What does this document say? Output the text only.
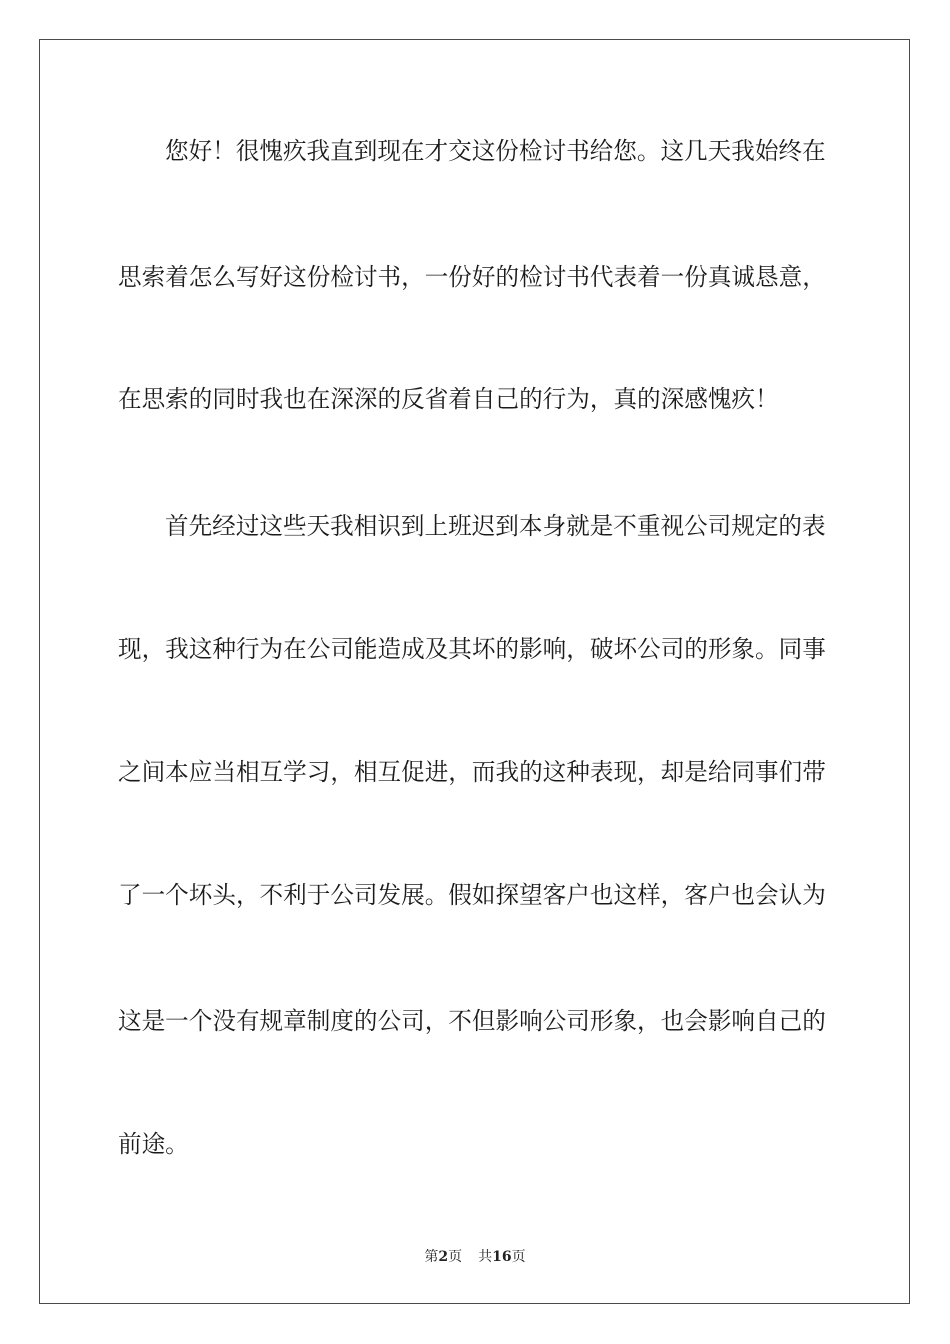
您好！很愧疚我直到现在才交这份检讨书给您。这几天我始终在
思索着怎么写好这份检讨书，一份好的检讨书代表着一份真诚恳意，
在思索的同时我也在深深的反省着自己的行为，真的深感愧疚！
首先经过这些天我相识到上班迟到本身就是不重视公司规定的表
现，我这种行为在公司能造成及其坏的影响，破坏公司的形象。同事
之间本应当相互学习，相互促进，而我的这种表现，却是给同事们带
了一个坏头，不利于公司发展。假如探望客户也这样，客户也会认为
这是一个没有规章制度的公司，不但影响公司形象，也会影响自己的
前途。
第2页 共16页
